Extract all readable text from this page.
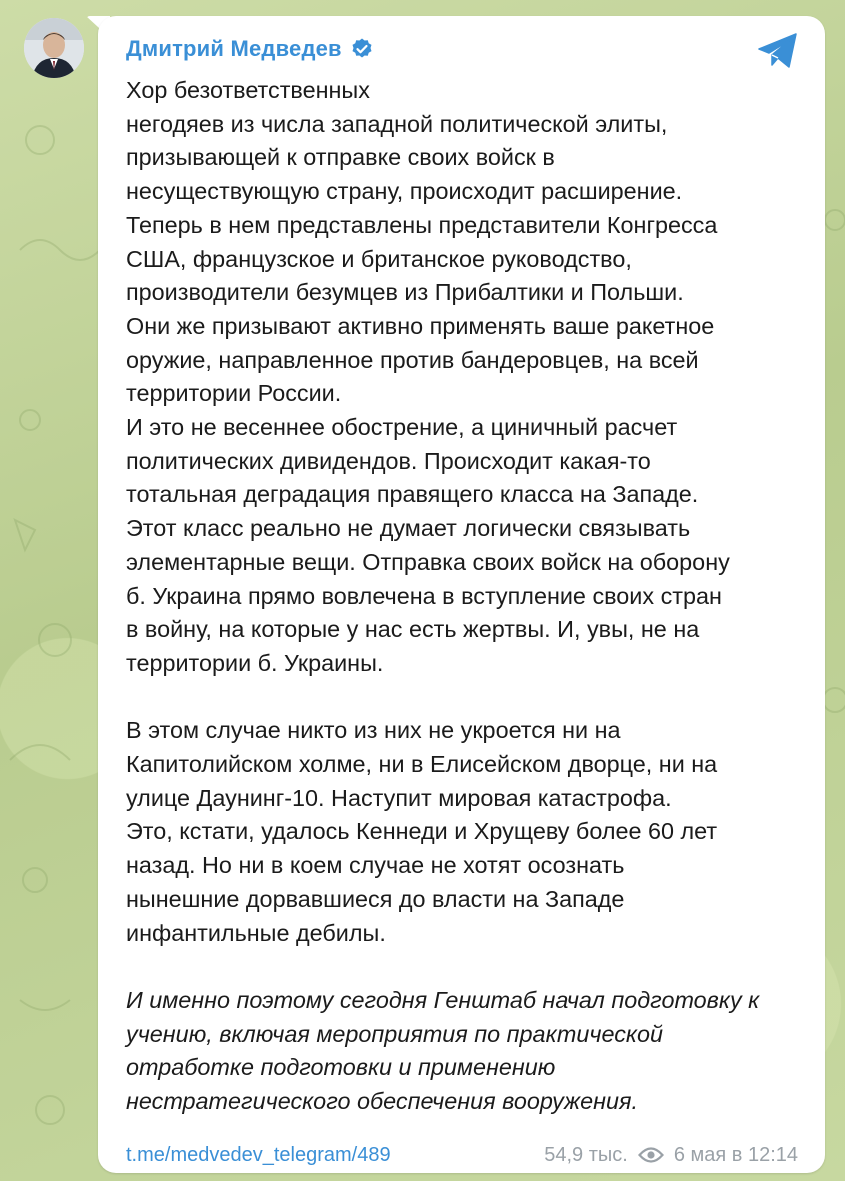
Дмитрий Медведев

Хор безответственных

негодяев из числа западной политической элиты,

призывающей к отправке своих войск в

несуществующую страну, происходит расширение.

Теперь в нем представлены представители Конгресса

США, французское и британское руководство,

производители безумцев из Прибалтики и Польши.

Они же призывают активно применять ваше ракетное

оружие, направленное против бандеровцев, на всей

территории России.

И это не весеннее обострение, а циничный расчет

политических дивидендов. Происходит какая-то

тотальная деградация правящего класса на Западе.

Этот класс реально не думает логически связывать

элементарные вещи. Отправка своих войск на оборону

б. Украина прямо вовлечена в вступление своих стран

в войну, на которые у нас есть жертвы. И, увы, не на

территории б. Украины.

В этом случае никто из них не укроется ни на

Капитолийском холме, ни в Елисейском дворце, ни на

улице Даунинг-10. Наступит мировая катастрофа.

Это, кстати, удалось Кеннеди и Хрущеву более 60 лет

назад. Но ни в коем случае не хотят осознать

нынешние дорвавшиеся до власти на Западе

инфантильные дебилы.

И именно поэтому сегодня Генштаб начал подготовку к

учению, включая мероприятия по практической

отработке подготовки и применению

нестратегического обеспечения вооружения.

t.me/medvedev_telegram/489	54,9 тыс. 6 мая в 12:14
